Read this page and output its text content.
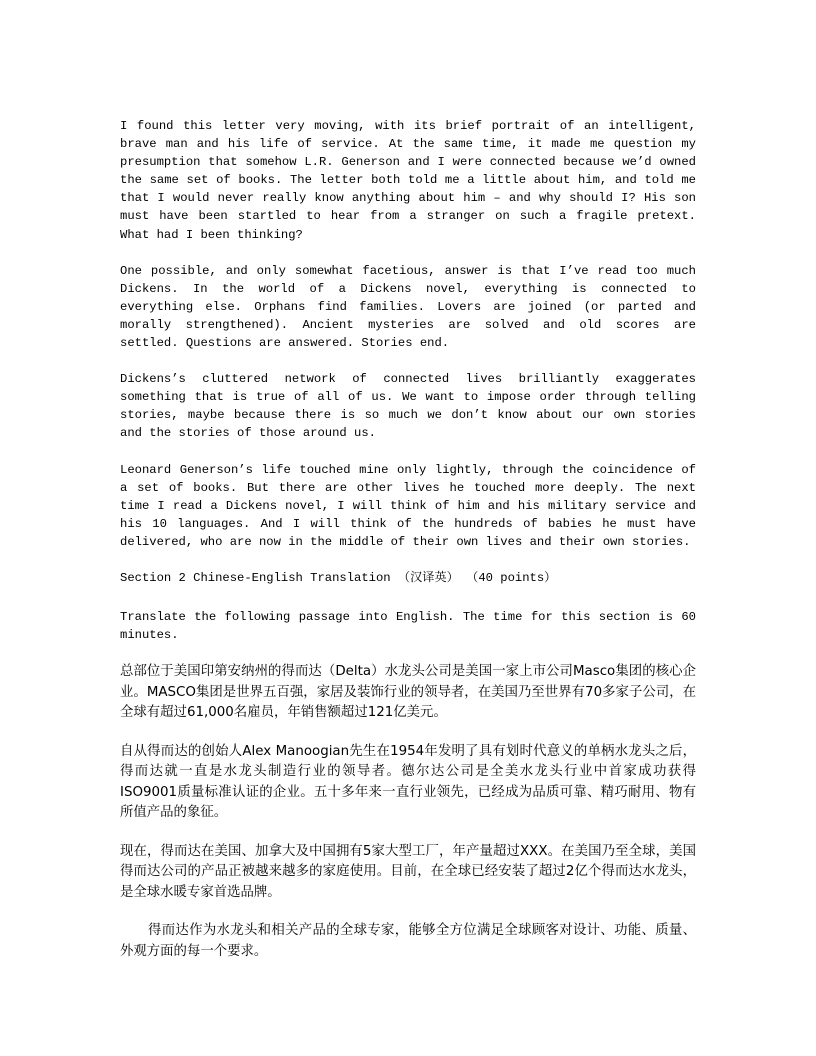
I found this letter very moving, with its brief portrait of an intelligent, brave man and his life of service. At the same time, it made me question my presumption that somehow L.R. Generson and I were connected because we’d owned the same set of books. The letter both told me a little about him, and told me that I would never really know anything about him – and why should I? His son must have been startled to hear from a stranger on such a fragile pretext. What had I been thinking?

One possible, and only somewhat facetious, answer is that I’ve read too much Dickens. In the world of a Dickens novel, everything is connected to everything else. Orphans find families. Lovers are joined (or parted and morally strengthened). Ancient mysteries are solved and old scores are settled. Questions are answered. Stories end.

Dickens’s cluttered network of connected lives brilliantly exaggerates something that is true of all of us. We want to impose order through telling stories, maybe because there is so much we don’t know about our own stories and the stories of those around us.

Leonard Generson’s life touched mine only lightly, through the coincidence of a set of books. But there are other lives he touched more deeply. The next time I read a Dickens novel, I will think of him and his military service and his 10 languages. And I will think of the hundreds of babies he must have delivered, who are now in the middle of their own lives and their own stories.

Section 2 Chinese-English Translation （汉译英） （40 points）

Translate the following passage into English. The time for this section is 60 minutes.

总部位于美国印第安纳州的得而达（Delta）水龙头公司是美国一家上市公司Masco集团的核心企业。MASCO集团是世界五百强，家居及装饰行业的领导者，在美国乃至世界有70多家子公司，在全球有超过61,000名雇员，年销售额超过121亿美元。

自从得而达的创始人Alex Manoogian先生在1954年发明了具有划时代意义的单柄水龙头之后，得而达就一直是水龙头制造行业的领导者。德尔达公司是全美水龙头行业中首家成功获得ISO9001质量标准认证的企业。五十多年来一直行业领先，已经成为品质可靠、精巧耐用、物有所值产品的象征。

现在，得而达在美国、加拿大及中国拥有5家大型工厂，年产量超过XXX。在美国乃至全球，美国得而达公司的产品正被越来越多的家庭使用。目前，在全球已经安装了超过2亿个得而达水龙头，是全球水暖专家首选品牌。

得而达作为水龙头和相关产品的全球专家，能够全方位满足全球顾客对设计、功能、质量、外观方面的每一个要求。
